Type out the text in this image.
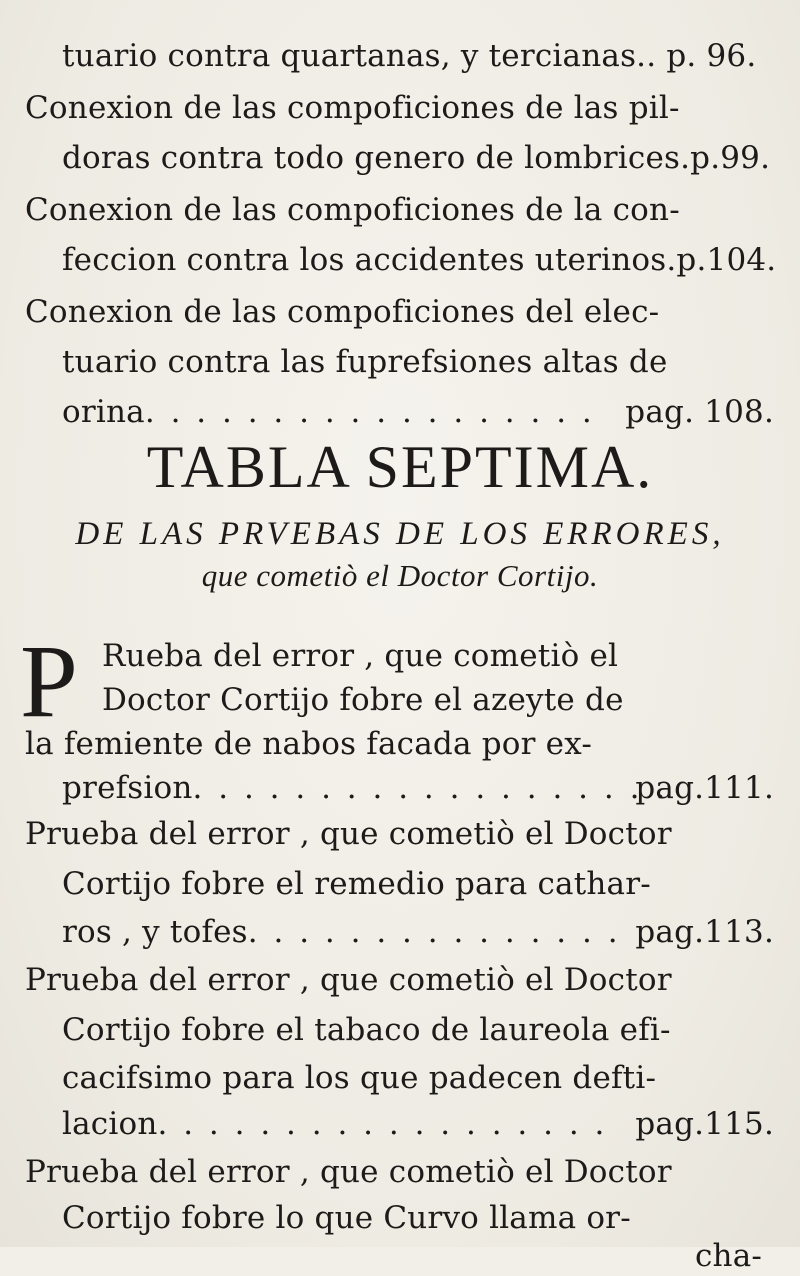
tuario contra quartanas, y tercianas.. p. 96.
Conexion de las compoficiones de las pil-
doras contra todo genero de lombrices.p.99.
Conexion de las compoficiones de la con-
feccion contra los accidentes uterinos.p.104.
Conexion de las compoficiones del elec-
tuario contra las fuprefsiones altas de
orina. . . . . . . . . . . . . . . . . . pag. 108.
TABLA SEPTIMA.
DE LAS PRVEBAS DE LOS ERRORES,
que cometiò el Doctor Cortijo.
P Rueba del error , que cometiò el
Doctor Cortijo fobre el azeyte de
la femiente de nabos facada por ex-
prefsion. . . . . . . . . . . . . . . . . . .
pag.111.
Prueba del error , que cometiò el Doctor
Cortijo fobre el remedio para cathar-
ros , y tofes. . . . . . . . . . . . . . . pag.113.
Prueba del error , que cometiò el Doctor
Cortijo fobre el tabaco de laureola efi-
cacifsimo para los que padecen defti-
lacion. . . . . . . . . . . . . . . . . . pag.115.
Prueba del error , que cometiò el Doctor
Cortijo fobre lo que Curvo llama or-
cha-
